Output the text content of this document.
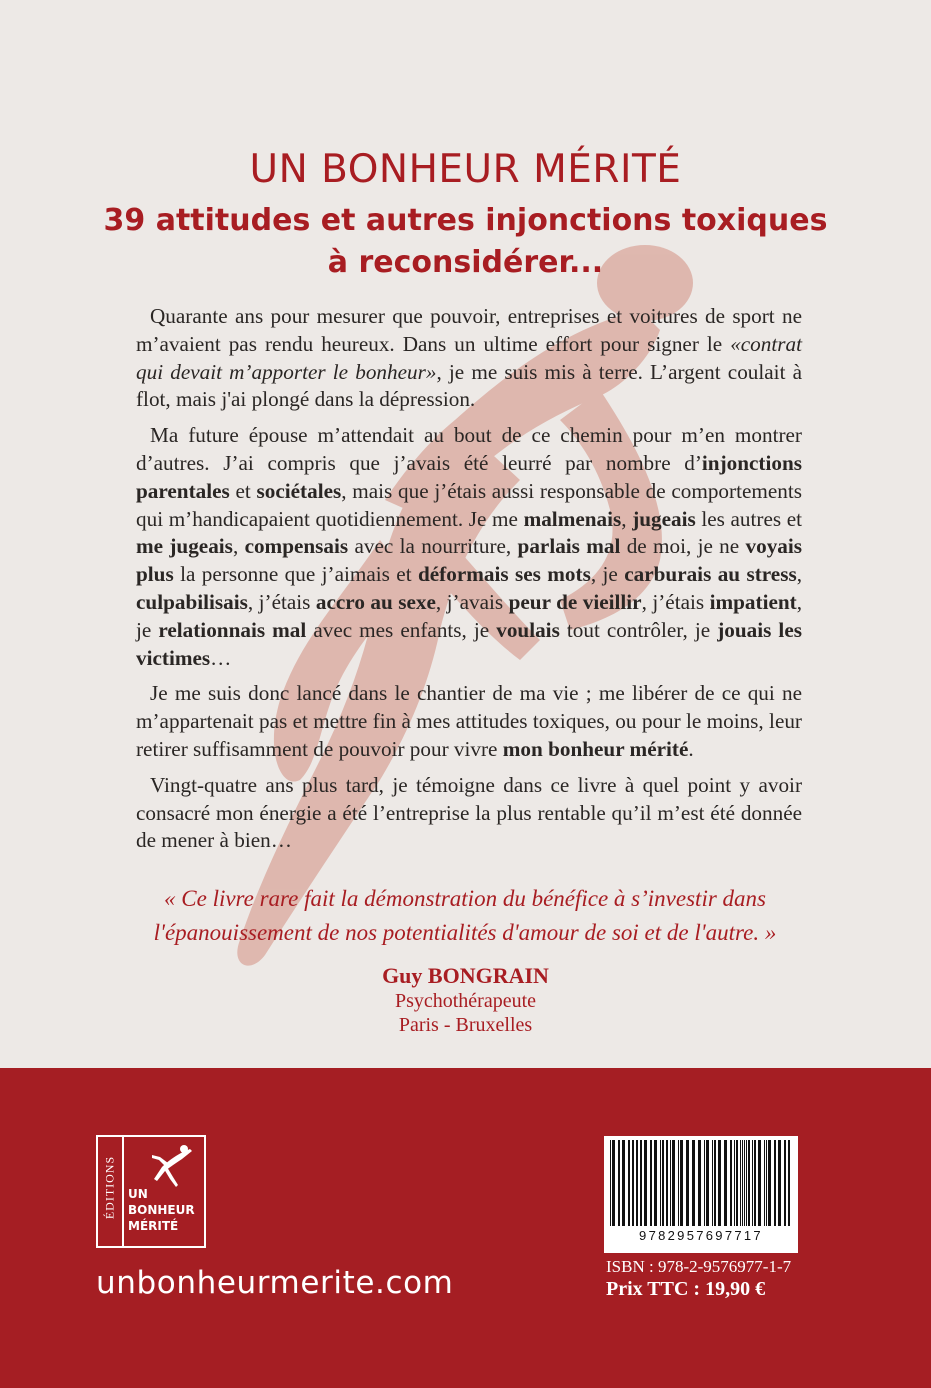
UN BONHEUR MÉRITÉ
39 attitudes et autres injonctions toxiques
à reconsidérer...

Quarante ans pour mesurer que pouvoir, entreprises et voitures de sport ne m’avaient pas rendu heureux. Dans un ultime effort pour signer le «contrat qui devait m’apporter le bonheur», je me suis mis à terre. L’argent coulait à flot, mais j'ai plongé dans la dépression.

Ma future épouse m’attendait au bout de ce chemin pour m’en montrer d’autres. J’ai compris que j’avais été leurré par nombre d’injonctions parentales et sociétales, mais que j’étais aussi responsable de comportements qui m’handicapaient quotidiennement. Je me malmenais, jugeais les autres et me jugeais, compensais avec la nourriture, parlais mal de moi, je ne voyais plus la personne que j’aimais et déformais ses mots, je carburais au stress, culpabilisais, j’étais accro au sexe, j’avais peur de vieillir, j’étais impatient, je relationnais mal avec mes enfants, je voulais tout contrôler, je jouais les victimes…

Je me suis donc lancé dans le chantier de ma vie ; me libérer de ce qui ne m’appartenait pas et mettre fin à mes attitudes toxiques, ou pour le moins, leur retirer suffisamment de pouvoir pour vivre mon bonheur mérité.

Vingt-quatre ans plus tard, je témoigne dans ce livre à quel point y avoir consacré mon énergie a été l’entreprise la plus rentable qu’il m’est été donnée de mener à bien…

« Ce livre rare fait la démonstration du bénéfice à s’investir dans l'épanouissement de nos potentialités d'amour de soi et de l'autre. »

Guy BONGRAIN
Psychothérapeute
Paris - Bruxelles
ÉDITIONS UN
BONHEUR
MÉRITÉ
unbonheurmerite.com
9782957697717
ISBN : 978-2-9576977-1-7
Prix TTC : 19,90 €
